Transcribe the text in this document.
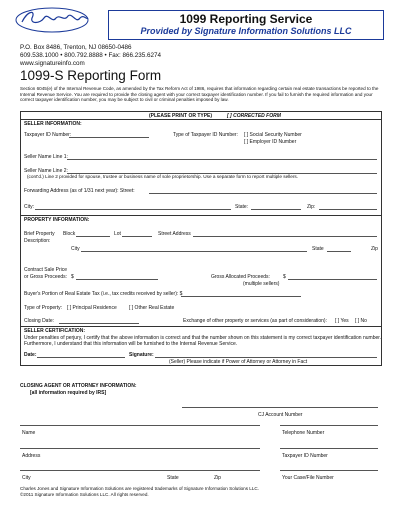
1099 Reporting Service
Provided by Signature Information Solutions LLC
P.O. Box 8486, Trenton, NJ 08650-0486
609.538.1000 • 800.792.8888 • Fax: 866.235.6274
www.signatureinfo.com
1099-S Reporting Form
Section 6045(e) of the Internal Revenue Code, as amended by the Tax Reform Act of 1986, requires that information regarding certain real estate transactions be reported to the Internal Revenue Service. You are required to provide the closing agent with your correct taxpayer identification number. If you fail to furnish the required information and your correct taxpayer identification number, you may be subject to civil or criminal penalties imposed by law.
(PLEASE PRINT OR TYPE)	[ ] CORRECTED FORM
SELLER INFORMATION:
Taxpayer ID Number:	Type of Taxpayer ID Number: [ ] Social Security Number
[ ] Employer ID Number
Seller Name Line 1:
Seller Name Line 2:
(cont'd.) Line 2 provided for spouse, trustee or business name of sole proprietorship. Use a separate form to report multiple sellers.
Forwarding Address (as of 1/31 next year): Street:
City:	State:	Zip:
PROPERTY INFORMATION:
Brief Property
Description:
Block	Lot	Street Address
City	State	Zip
Contract Sale Price
or Gross Proceeds: $	Gross Allocated Proceeds:	$
(multiple sellers)
Buyer's Portion of Real Estate Tax (i.e., tax credits received by seller): $
Type of Property: [ ] Principal Residence [ ] Other Real Estate
Closing Date:	Exchange of other property or services (as part of consideration): [ ] Yes [ ] No
SELLER CERTIFICATION:
Under penalties of perjury, I certify that the above information is correct and that the number shown on this statement is my correct taxpayer identification number.
Furthermore, I understand that this information will be furnished to the Internal Revenue Service.
Date:	Signature:
(Seller) Please indicate if Power of Attorney or Attorney in Fact
CLOSING AGENT OR ATTORNEY INFORMATION:
[all information required by IRS]
CJ Account Number
Name	Telephone Number
Address	Taxpayer ID Number
City	State	Zip	Your Case/File Number
Charles Jones and Signature Information Solutions are registered trademarks of Signature Information Solutions LLC.
©2011 Signature Information Solutions LLC. All rights reserved.
